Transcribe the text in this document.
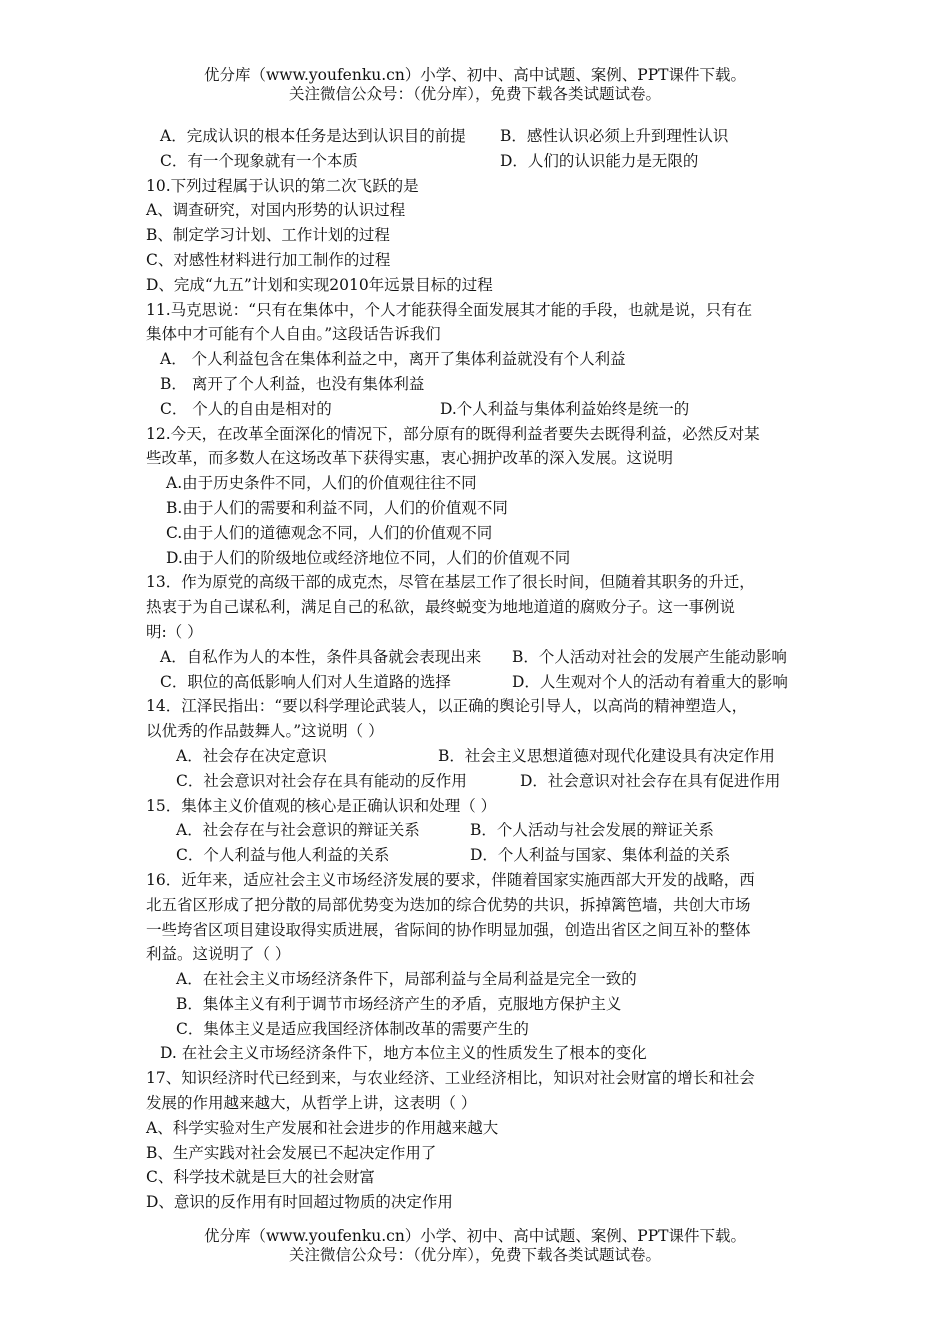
优分库（www.youfenku.cn）小学、初中、高中试题、案例、PPT课件下载。
关注微信公众号：（优分库），免费下载各类试题试卷。
A．完成认识的根本任务是达到认识目的前提	B．感性认识必须上升到理性认识
C．有一个现象就有一个本质	D．人们的认识能力是无限的
10.下列过程属于认识的第二次飞跃的是
A、调查研究，对国内形势的认识过程
B、制定学习计划、工作计划的过程
C、对感性材料进行加工制作的过程
D、完成“九五”计划和实现2010年远景目标的过程
11.马克思说：“只有在集体中，个人才能获得全面发展其才能的手段，也就是说，只有在
集体中才可能有个人自由。”这段话告诉我们
A． 个人利益包含在集体利益之中，离开了集体利益就没有个人利益
B． 离开了个人利益，也没有集体利益
C． 个人的自由是相对的	D.个人利益与集体利益始终是统一的
12.今天，在改革全面深化的情况下，部分原有的既得利益者要失去既得利益，必然反对某
些改革，而多数人在这场改革下获得实惠，衷心拥护改革的深入发展。这说明
A.由于历史条件不同，人们的价值观往往不同
B.由于人们的需要和利益不同，人们的价值观不同
C.由于人们的道德观念不同，人们的价值观不同
D.由于人们的阶级地位或经济地位不同，人们的价值观不同
13．作为原党的高级干部的成克杰，尽管在基层工作了很长时间，但随着其职务的升迁，
热衷于为自己谋私利，满足自己的私欲，最终蜕变为地地道道的腐败分子。这一事例说
明:（ ）
A．自私作为人的本性，条件具备就会表现出来	B．个人活动对社会的发展产生能动影响
C．职位的高低影响人们对人生道路的选择	D．人生观对个人的活动有着重大的影响
14．江泽民指出：“要以科学理论武装人，以正确的舆论引导人，以高尚的精神塑造人，
以优秀的作品鼓舞人。”这说明（ ）
A．社会存在决定意识	B．社会主义思想道德对现代化建设具有决定作用
C．社会意识对社会存在具有能动的反作用	D．社会意识对社会存在具有促进作用
15．集体主义价值观的核心是正确认识和处理（ ）
A．社会存在与社会意识的辩证关系	B．个人活动与社会发展的辩证关系
C．个人利益与他人利益的关系	D．个人利益与国家、集体利益的关系
16．近年来，适应社会主义市场经济发展的要求，伴随着国家实施西部大开发的战略，西
北五省区形成了把分散的局部优势变为迭加的综合优势的共识，拆掉篱笆墙，共创大市场
一些垮省区项目建设取得实质进展，省际间的协作明显加强，创造出省区之间互补的整体
利益。这说明了（ ）
A．在社会主义市场经济条件下，局部利益与全局利益是完全一致的
B．集体主义有利于调节市场经济产生的矛盾，克服地方保护主义
C．集体主义是适应我国经济体制改革的需要产生的
D. 在社会主义市场经济条件下，地方本位主义的性质发生了根本的变化
17、知识经济时代已经到来，与农业经济、工业经济相比，知识对社会财富的增长和社会
发展的作用越来越大，从哲学上讲，这表明（ ）
A、科学实验对生产发展和社会进步的作用越来越大
B、生产实践对社会发展已不起决定作用了
C、科学技术就是巨大的社会财富
D、意识的反作用有时回超过物质的决定作用
优分库（www.youfenku.cn）小学、初中、高中试题、案例、PPT课件下载。
关注微信公众号：（优分库），免费下载各类试题试卷。
